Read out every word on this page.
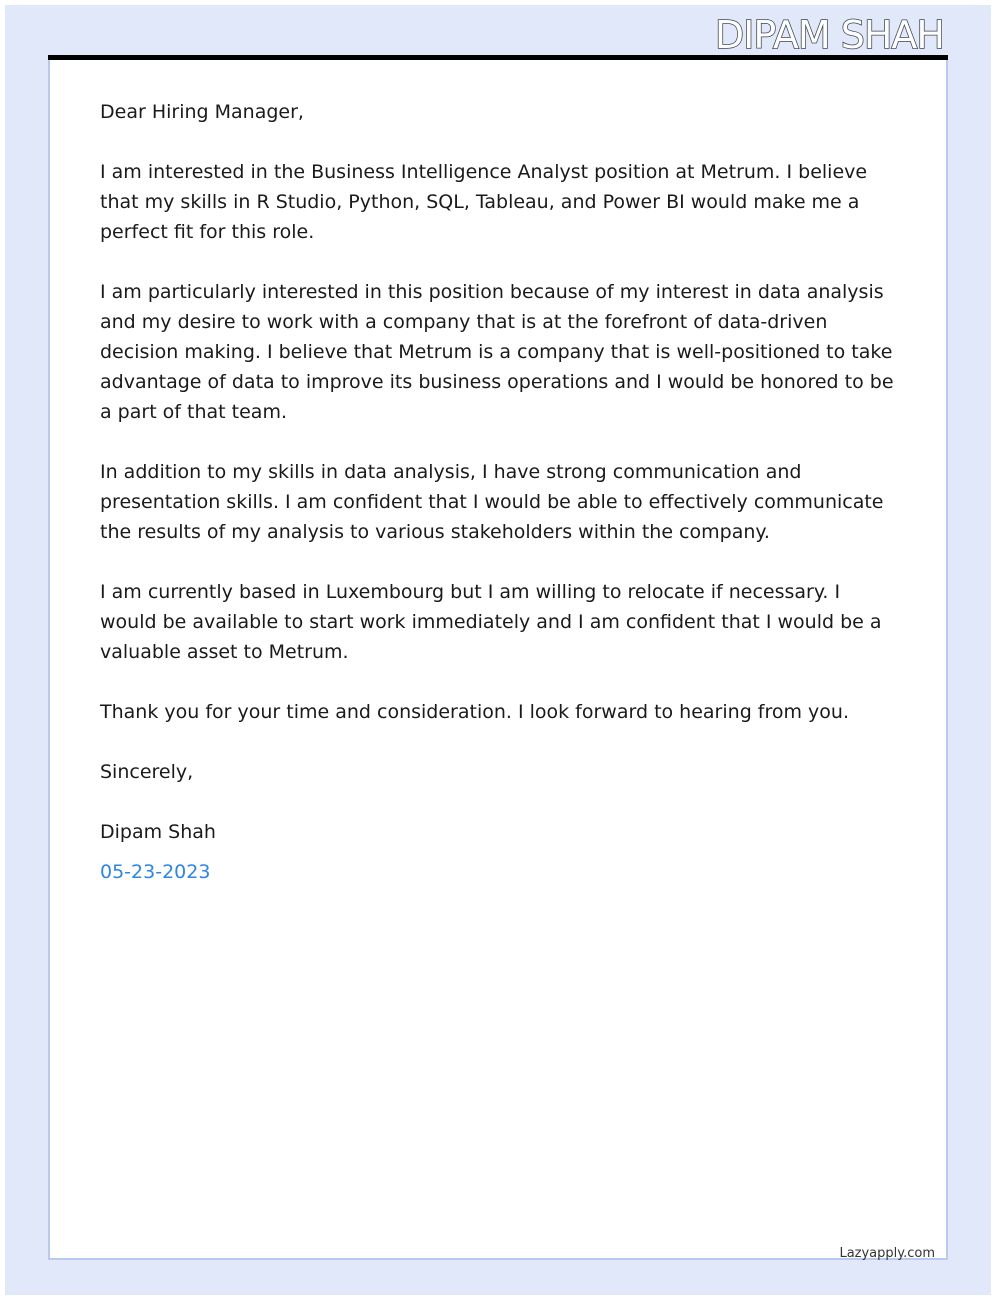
DIPAM SHAH

Dear Hiring Manager,

I am interested in the Business Intelligence Analyst position at Metrum. I believe that my skills in R Studio, Python, SQL, Tableau, and Power BI would make me a perfect fit for this role.

I am particularly interested in this position because of my interest in data analysis and my desire to work with a company that is at the forefront of data-driven decision making. I believe that Metrum is a company that is well-positioned to take advantage of data to improve its business operations and I would be honored to be a part of that team.

In addition to my skills in data analysis, I have strong communication and presentation skills. I am confident that I would be able to effectively communicate the results of my analysis to various stakeholders within the company.

I am currently based in Luxembourg but I am willing to relocate if necessary. I would be available to start work immediately and I am confident that I would be a valuable asset to Metrum.

Thank you for your time and consideration. I look forward to hearing from you.

Sincerely,

Dipam Shah

05-23-2023

Lazyapply.com
